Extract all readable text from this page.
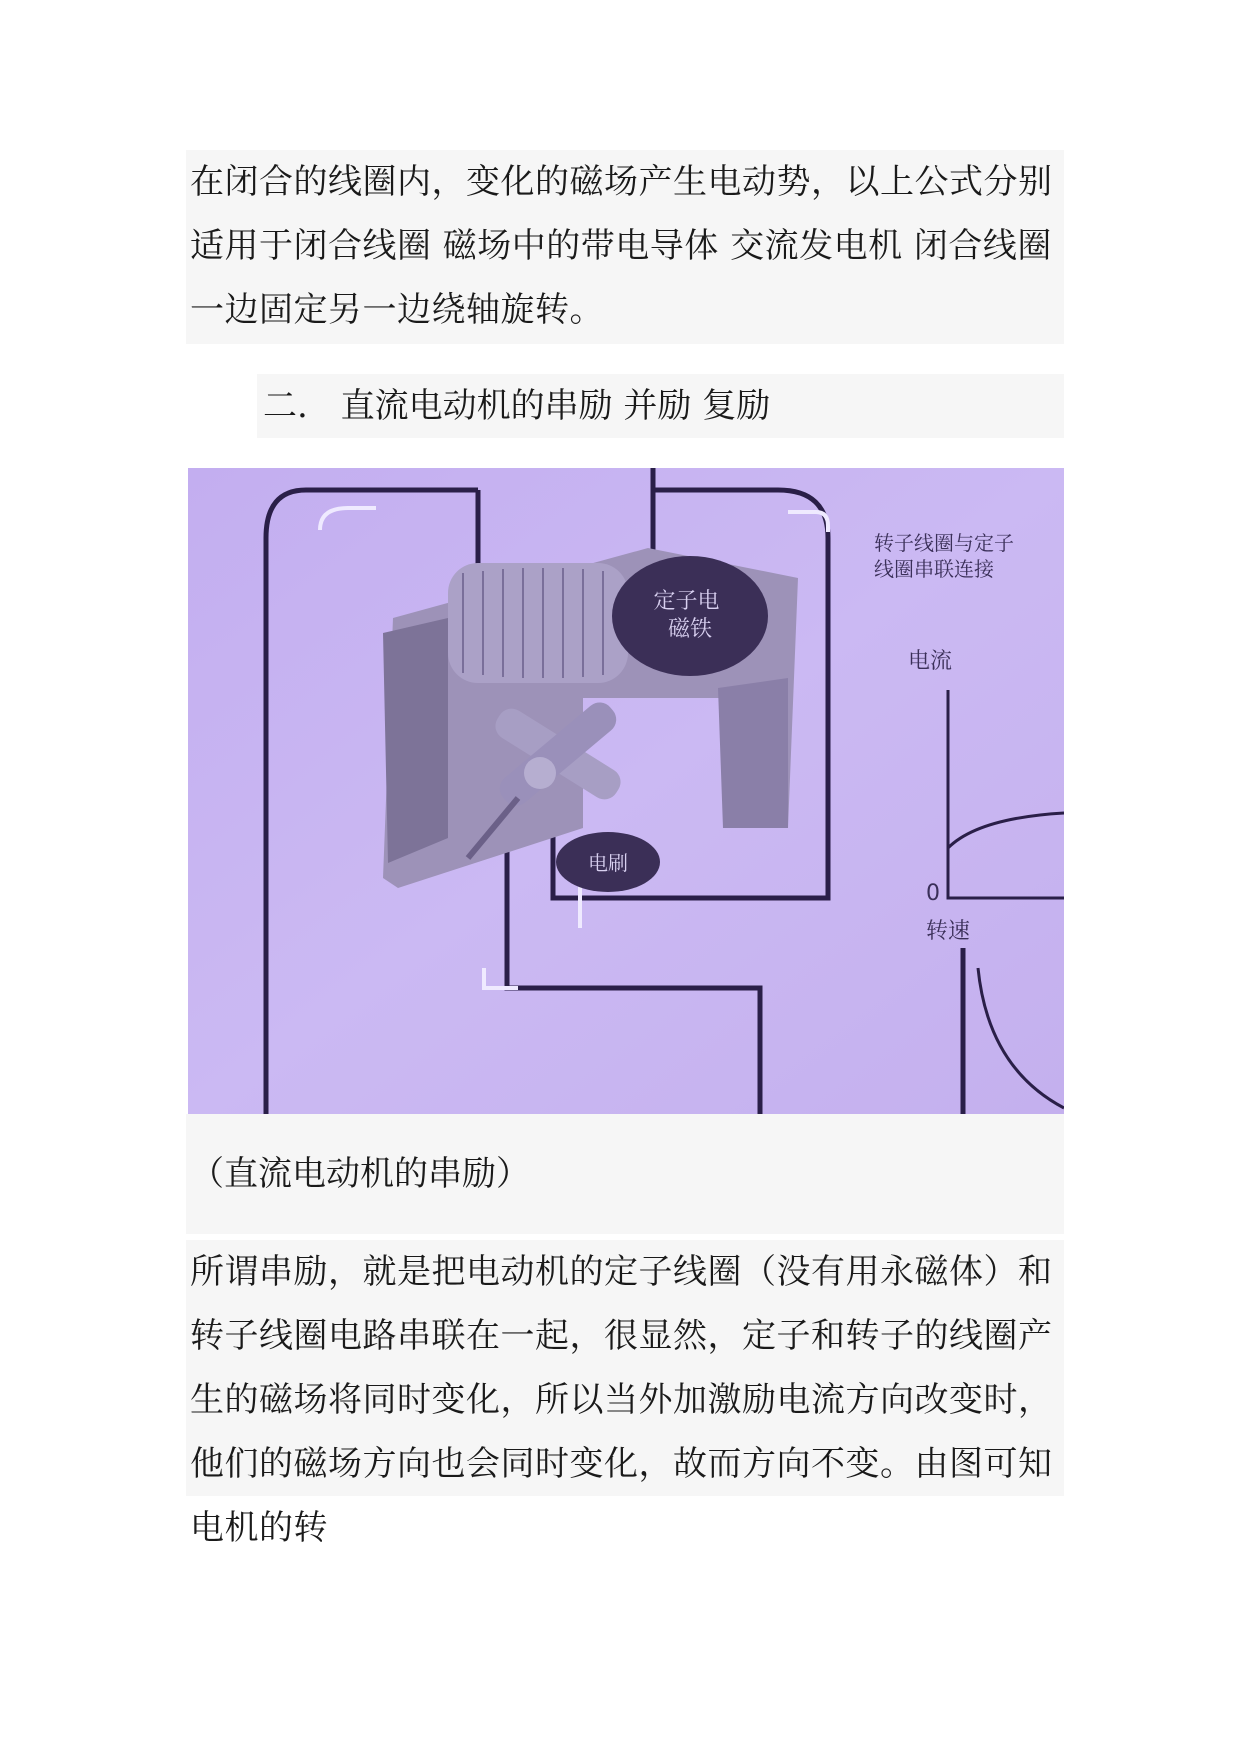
在闭合的线圈内，变化的磁场产生电动势，以上公式分别适用于闭合线圈 磁场中的带电导体 交流发电机 闭合线圈一边固定另一边绕轴旋转。
二. 直流电动机的串励 并励 复励
定子电 磁铁
电刷
转子线圈与定子 线圈串联连接
电流
0
转速
（直流电动机的串励）
所谓串励，就是把电动机的定子线圈（没有用永磁体）和转子线圈电路串联在一起，很显然，定子和转子的线圈产生的磁场将同时变化，所以当外加激励电流方向改变时，他们的磁场方向也会同时变化，故而方向不变。由图可知电机的转
